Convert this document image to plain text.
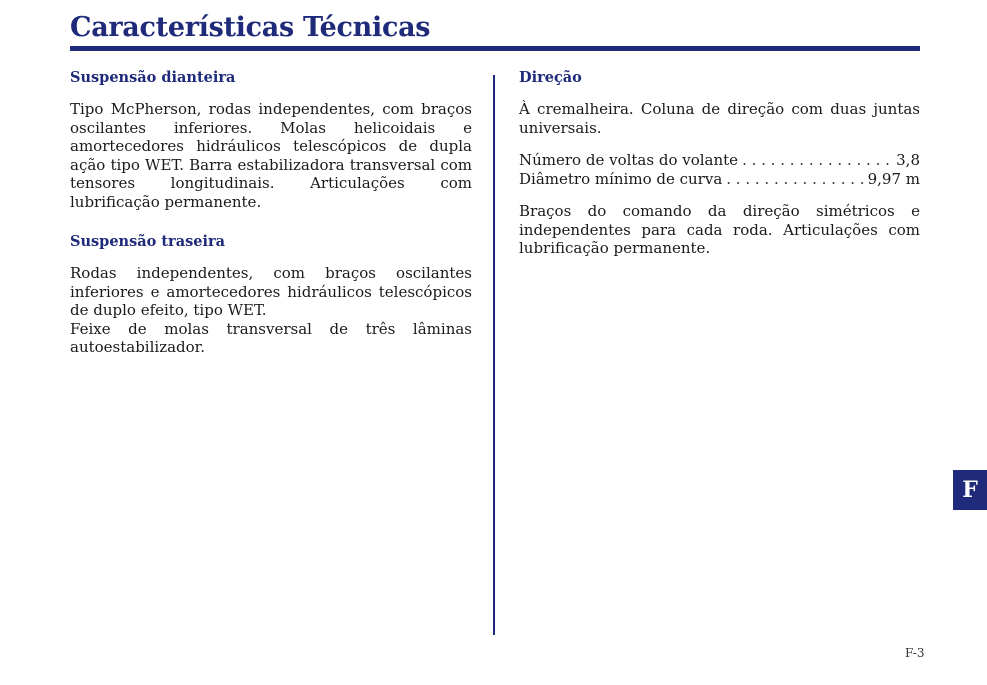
Características Técnicas
Suspensão dianteira

Tipo McPherson, rodas independentes, com braços oscilantes inferiores. Molas helicoidais e amortecedores hidráulicos telescópicos de dupla ação tipo WET. Barra estabilizadora transversal com tensores longitudinais. Articulações com lubrificação permanente.

Suspensão traseira

Rodas independentes, com braços oscilantes inferiores e amortecedores hidráulicos telescópicos de duplo efeito, tipo WET.

Feixe de molas transversal de três lâminas autoestabilizador.

Direção

À cremalheira. Coluna de direção com duas juntas universais.

Número de voltas do volante . . .	3,8
Diâmetro mínimo de curva . . .	9,97 m

Braços do comando da direção simétricos e independentes para cada roda. Articulações com lubrificação permanente.

F
F-3
